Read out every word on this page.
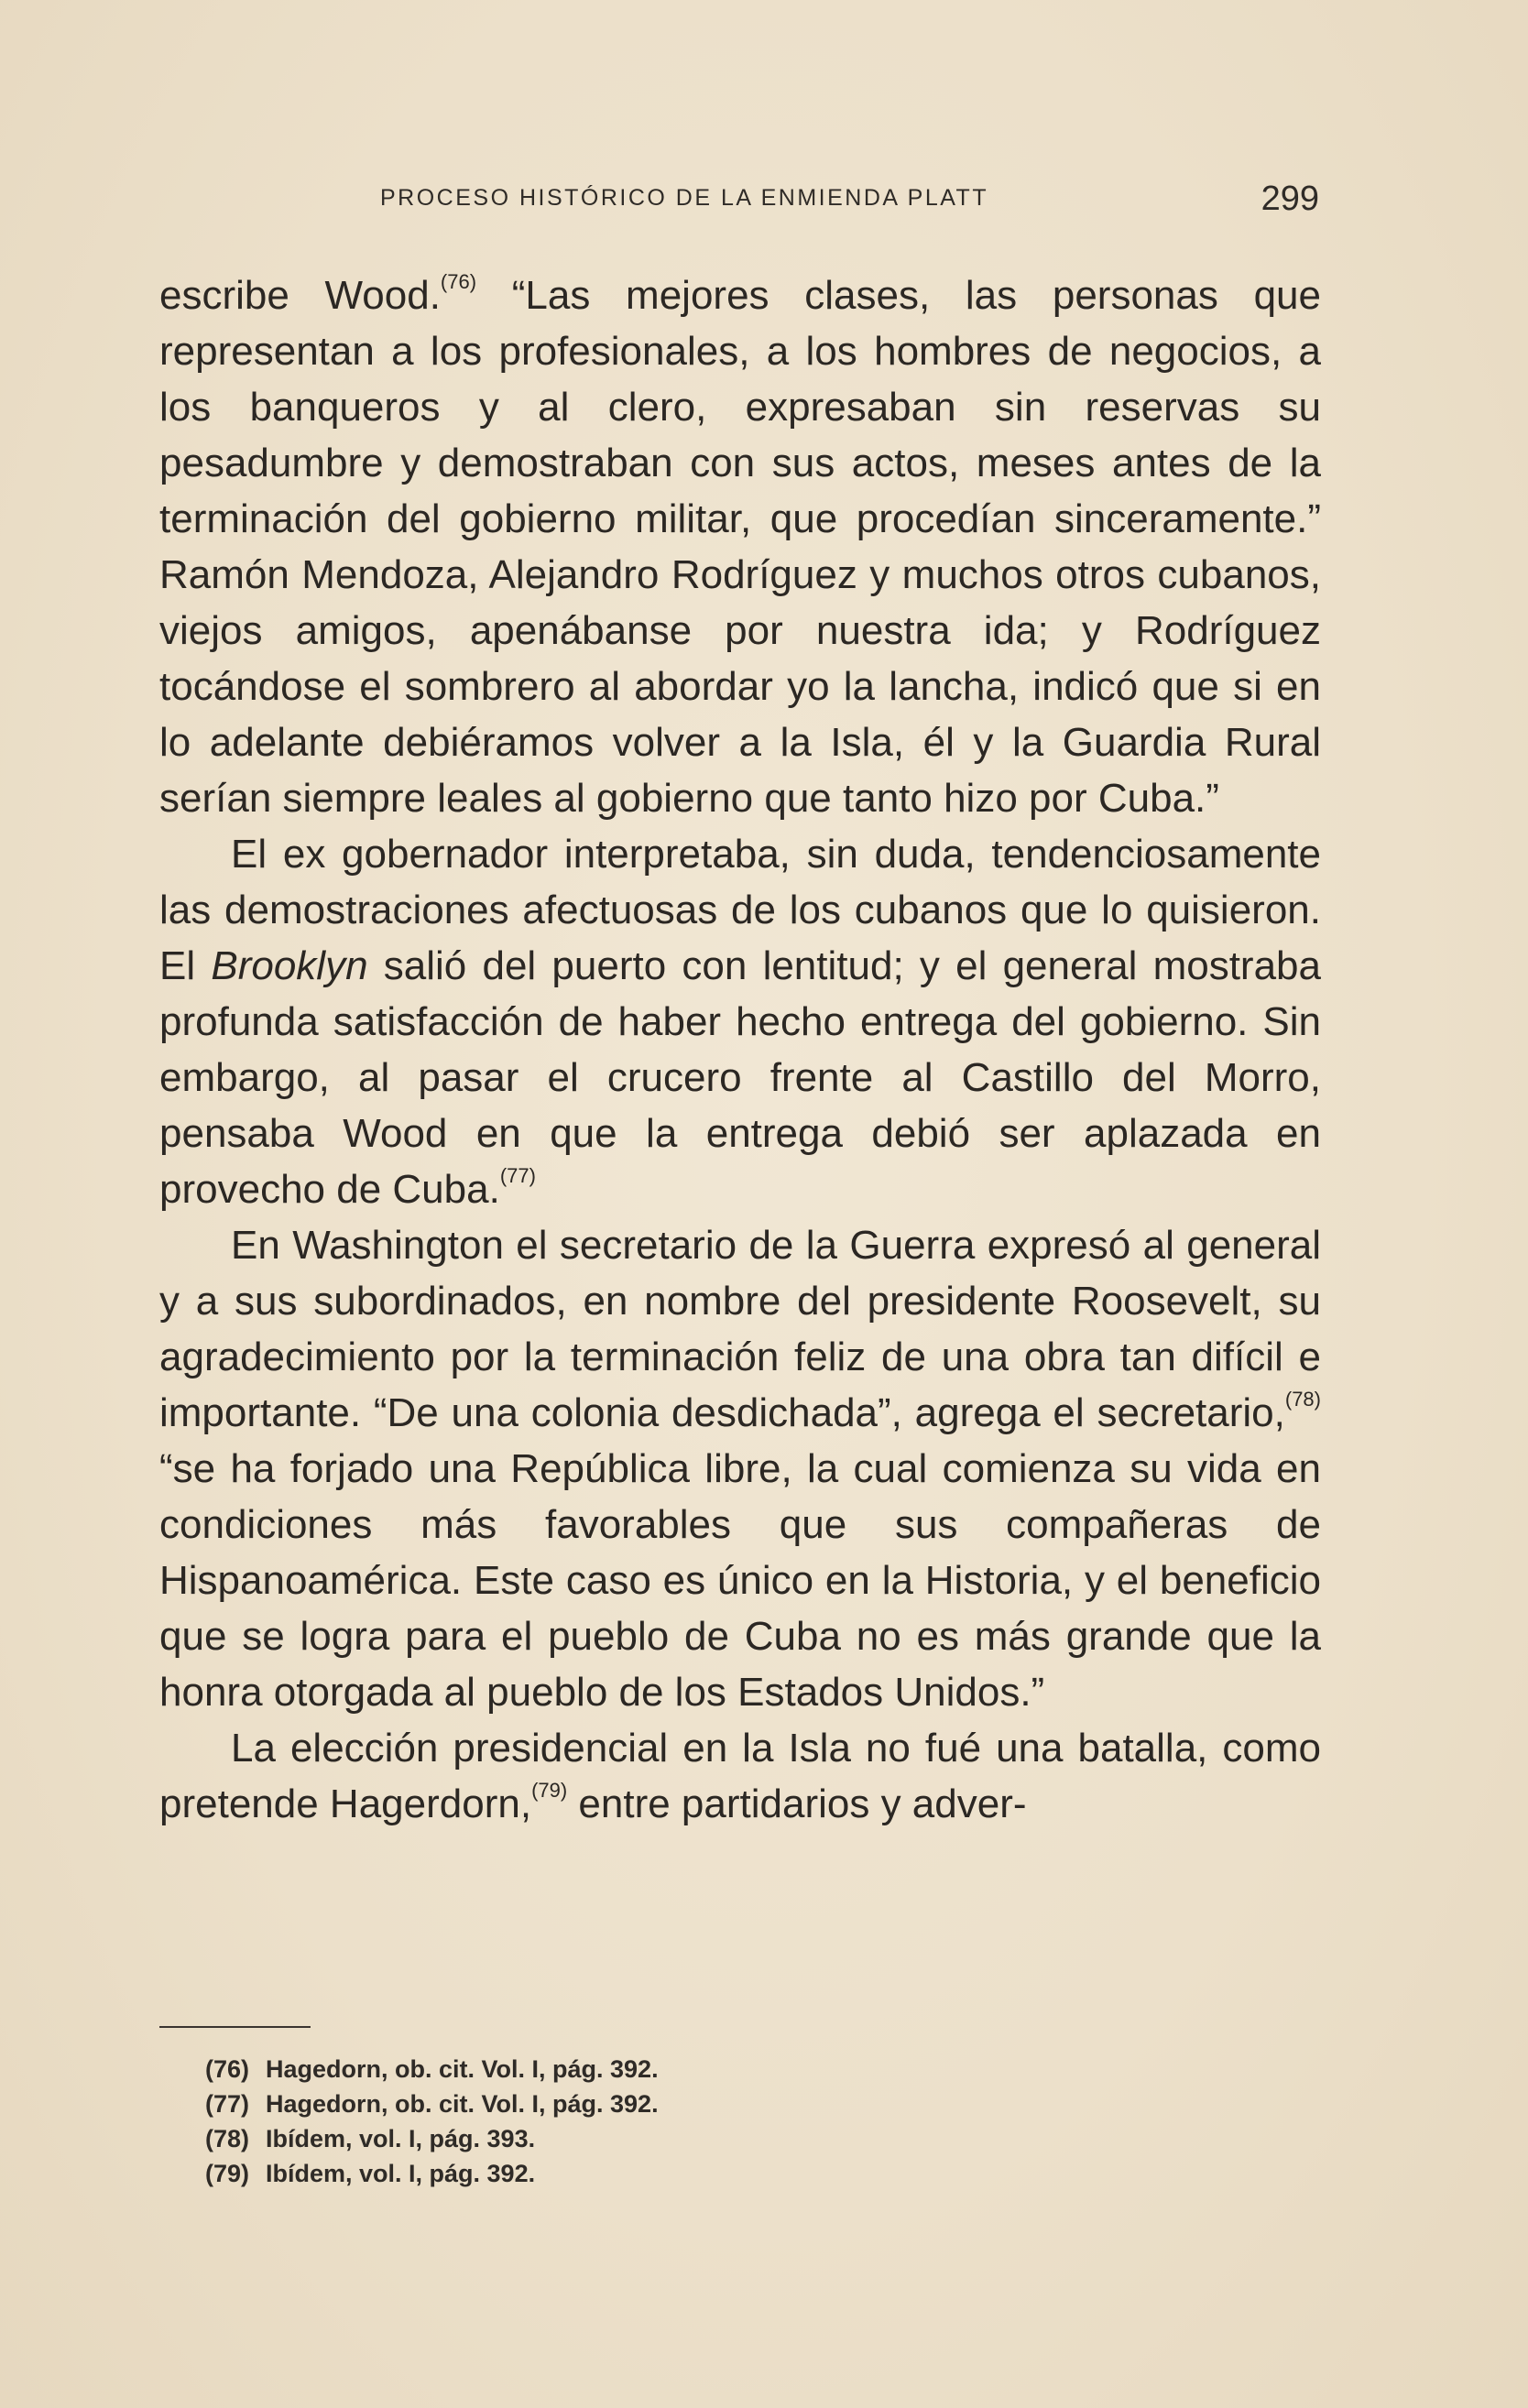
PROCESO HISTÓRICO DE LA ENMIENDA PLATT	299

escribe Wood.$^{(76)}$ “Las mejores clases, las personas que representan a los profesionales, a los hombres de negocios, a los banqueros y al clero, expresaban sin reservas su pesadumbre y demostraban con sus actos, meses antes de la terminación del gobierno militar, que procedían sinceramente.” Ramón Mendoza, Alejandro Rodríguez y muchos otros cubanos, viejos amigos, apenábanse por nuestra ida; y Rodríguez tocándose el sombrero al abordar yo la lancha, indicó que si en lo adelante debiéramos volver a la Isla, él y la Guardia Rural serían siempre leales al gobierno que tanto hizo por Cuba.”

El ex gobernador interpretaba, sin duda, tendenciosamente las demostraciones afectuosas de los cubanos que lo quisieron. El Brooklyn salió del puerto con lentitud; y el general mostraba profunda satisfacción de haber hecho entrega del gobierno. Sin embargo, al pasar el crucero frente al Castillo del Morro, pensaba Wood en que la entrega debió ser aplazada en provecho de Cuba.$^{(77)}$

En Washington el secretario de la Guerra expresó al general y a sus subordinados, en nombre del presidente Roosevelt, su agradecimiento por la terminación feliz de una obra tan difícil e importante. “De una colonia desdichada”, agrega el secretario,$^{(78)}$ “se ha forjado una República libre, la cual comienza su vida en condiciones más favorables que sus compañeras de Hispanoamérica. Este caso es único en la Historia, y el beneficio que se logra para el pueblo de Cuba no es más grande que la honra otorgada al pueblo de los Estados Unidos.”

La elección presidencial en la Isla no fué una batalla, como pretende Hagerdorn,$^{(79)}$ entre partidarios y adver-

(76) Hagedorn, ob. cit. Vol. I, pág. 392.
(77) Hagedorn, ob. cit. Vol. I, pág. 392.
(78) Ibídem, vol. I, pág. 393.
(79) Ibídem, vol. I, pág. 392.
